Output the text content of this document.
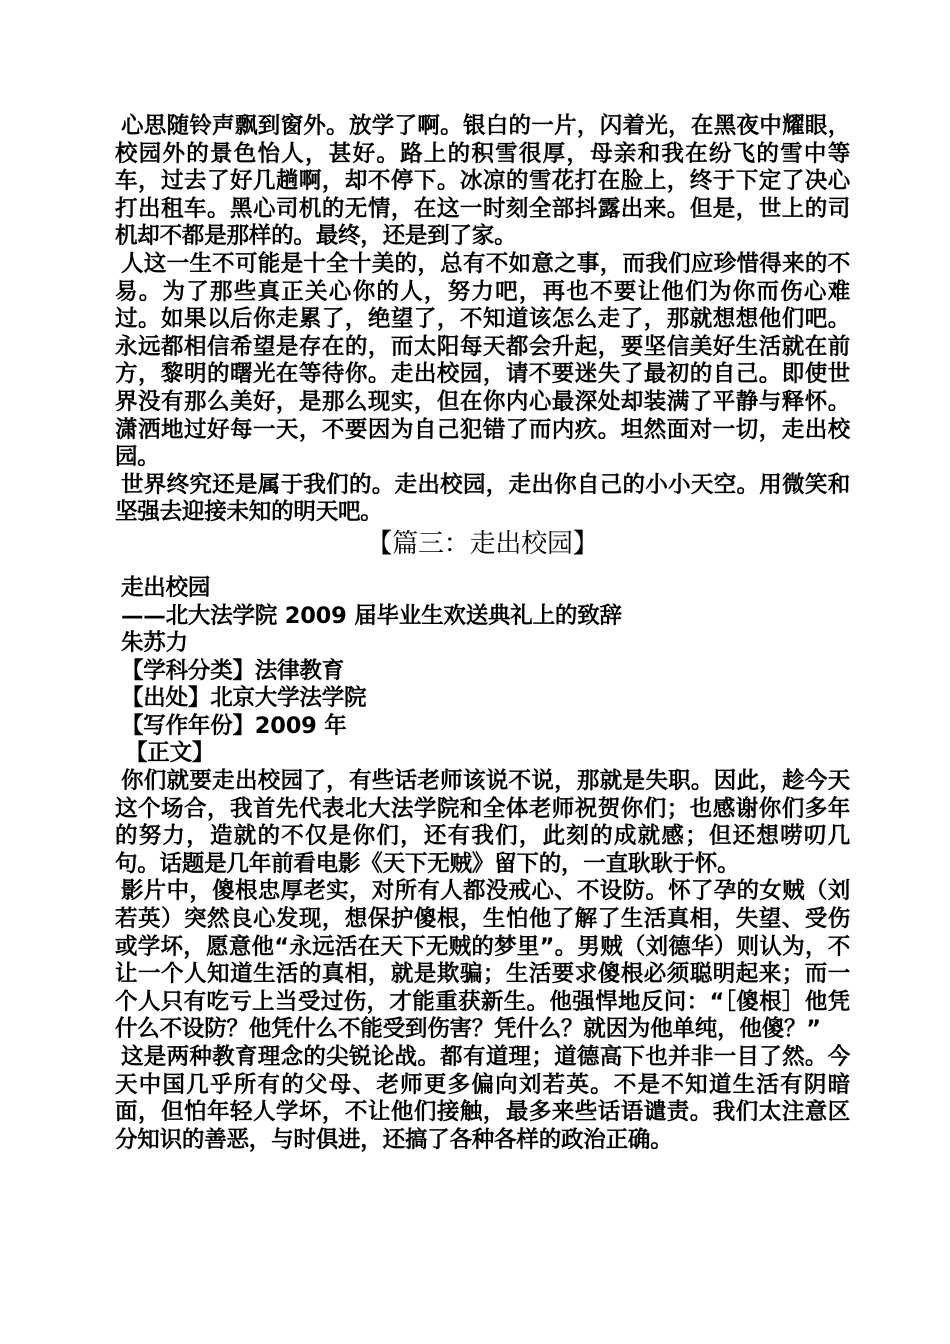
心思随铃声飘到窗外。放学了啊。银白的一片，闪着光，在黑夜中耀眼，校园外的景色怡人，甚好。路上的积雪很厚，母亲和我在纷飞的雪中等车，过去了好几趟啊，却不停下。冰凉的雪花打在脸上，终于下定了决心打出租车。黑心司机的无情，在这一时刻全部抖露出来。但是，世上的司机却不都是那样的。最终，还是到了家。

人这一生不可能是十全十美的，总有不如意之事，而我们应珍惜得来的不易。为了那些真正关心你的人，努力吧，再也不要让他们为你而伤心难过。如果以后你走累了，绝望了，不知道该怎么走了，那就想想他们吧。永远都相信希望是存在的，而太阳每天都会升起，要坚信美好生活就在前方，黎明的曙光在等待你。走出校园，请不要迷失了最初的自己。即使世界没有那么美好，是那么现实，但在你内心最深处却装满了平静与释怀。潇洒地过好每一天，不要因为自己犯错了而内疚。坦然面对一切，走出校园。

世界终究还是属于我们的。走出校园，走出你自己的小小天空。用微笑和坚强去迎接未知的明天吧。

【篇三：走出校园】

走出校园

——北大法学院 2009 届毕业生欢送典礼上的致辞

朱苏力

【学科分类】法律教育

【出处】北京大学法学院

【写作年份】2009 年

【正文】

你们就要走出校园了，有些话老师该说不说，那就是失职。因此，趁今天这个场合，我首先代表北大法学院和全体老师祝贺你们；也感谢你们多年的努力，造就的不仅是你们，还有我们，此刻的成就感；但还想唠叨几句。话题是几年前看电影《天下无贼》留下的，一直耿耿于怀。

影片中，傻根忠厚老实，对所有人都没戒心、不设防。怀了孕的女贼（刘若英）突然良心发现，想保护傻根，生怕他了解了生活真相，失望、受伤或学坏，愿意他“永远活在天下无贼的梦里”。男贼（刘德华）则认为，不让一个人知道生活的真相，就是欺骗；生活要求傻根必须聪明起来；而一个人只有吃亏上当受过伤，才能重获新生。他强悍地反问：“［傻根］他凭什么不设防？他凭什么不能受到伤害？凭什么？就因为他单纯，他傻？”

这是两种教育理念的尖锐论战。都有道理；道德高下也并非一目了然。今天中国几乎所有的父母、老师更多偏向刘若英。不是不知道生活有阴暗面，但怕年轻人学坏，不让他们接触，最多来些话语谴责。我们太注意区分知识的善恶，与时俱进，还搞了各种各样的政治正确。
